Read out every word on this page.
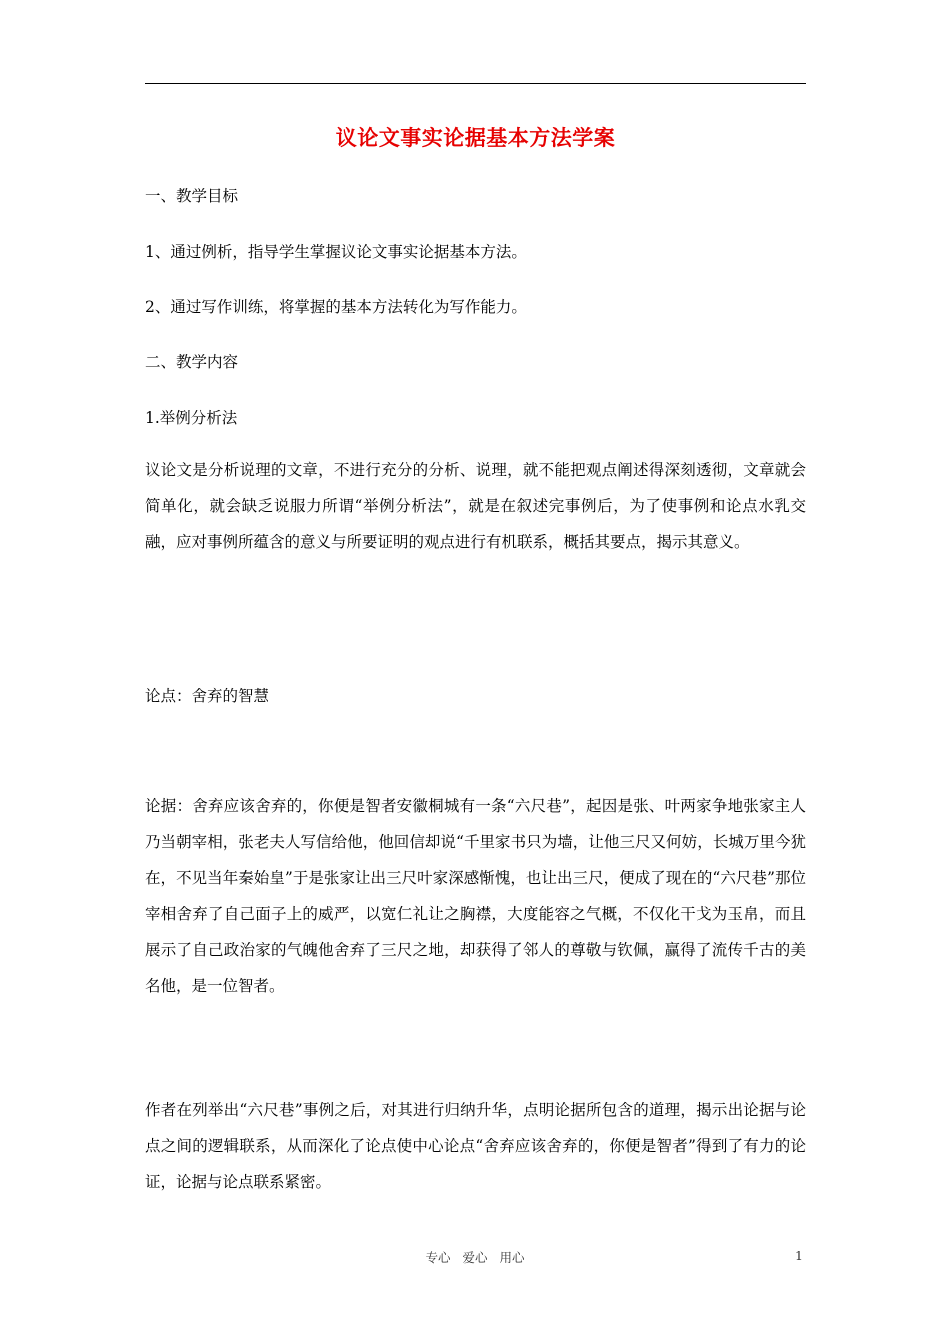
议论文事实论据基本方法学案
一、教学目标
1、通过例析，指导学生掌握议论文事实论据基本方法。
2、通过写作训练，将掌握的基本方法转化为写作能力。
二、教学内容
1.举例分析法
议论文是分析说理的文章，不进行充分的分析、说理，就不能把观点阐述得深刻透彻，文章就会简单化，就会缺乏说服力所谓“举例分析法”，就是在叙述完事例后，为了使事例和论点水乳交融，应对事例所蕴含的意义与所要证明的观点进行有机联系，概括其要点，揭示其意义。
论点：舍弃的智慧
论据：舍弃应该舍弃的，你便是智者安徽桐城有一条“六尺巷”，起因是张、叶两家争地张家主人乃当朝宰相，张老夫人写信给他，他回信却说“千里家书只为墙，让他三尺又何妨，长城万里今犹在，不见当年秦始皇”于是张家让出三尺叶家深感惭愧，也让出三尺，便成了现在的“六尺巷”那位宰相舍弃了自己面子上的威严，以宽仁礼让之胸襟，大度能容之气概，不仅化干戈为玉帛，而且展示了自己政治家的气魄他舍弃了三尺之地，却获得了邻人的尊敬与钦佩，赢得了流传千古的美名他，是一位智者。
作者在列举出“六尺巷”事例之后，对其进行归纳升华，点明论据所包含的道理，揭示出论据与论点之间的逻辑联系，从而深化了论点使中心论点“舍弃应该舍弃的，你便是智者”得到了有力的论证，论据与论点联系紧密。
专心 爱心 用心	1
